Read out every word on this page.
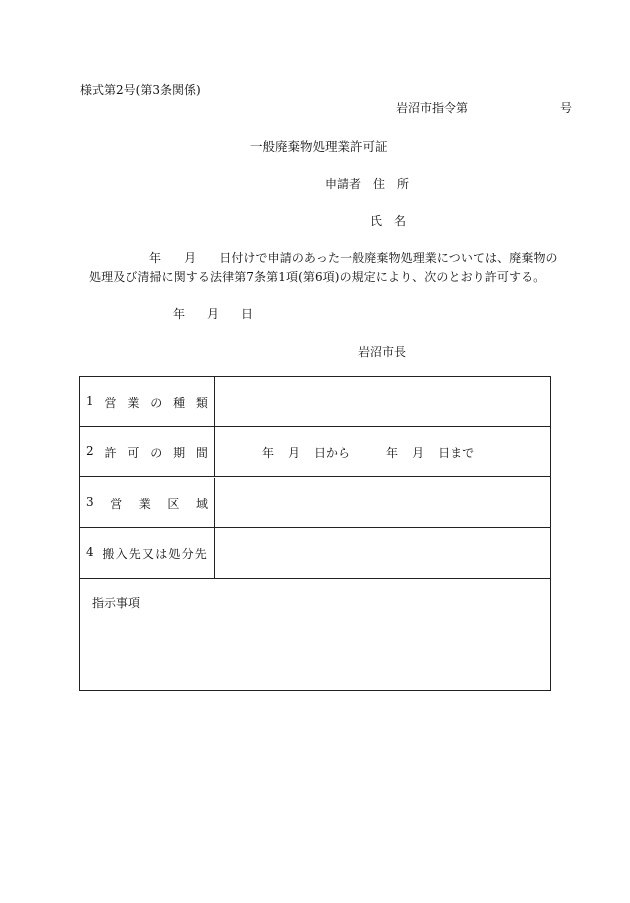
様式第2号(第3条関係)
岩沼市指令第	号
一般廃棄物処理業許可証
申請者 住 所
氏 名
年 月 日付けで申請のあった一般廃棄物処理業については、廃棄物の
処理及び清掃に関する法律第7条第1項(第6項)の規定により、次のとおり許可する。
年 月 日
岩沼市長
1 営 業 の 種 類
2 許 可 の 期 間	年 月 日から	年 月 日まで
3 営 業 区 域
4 搬入先又は処分先
指示事項
